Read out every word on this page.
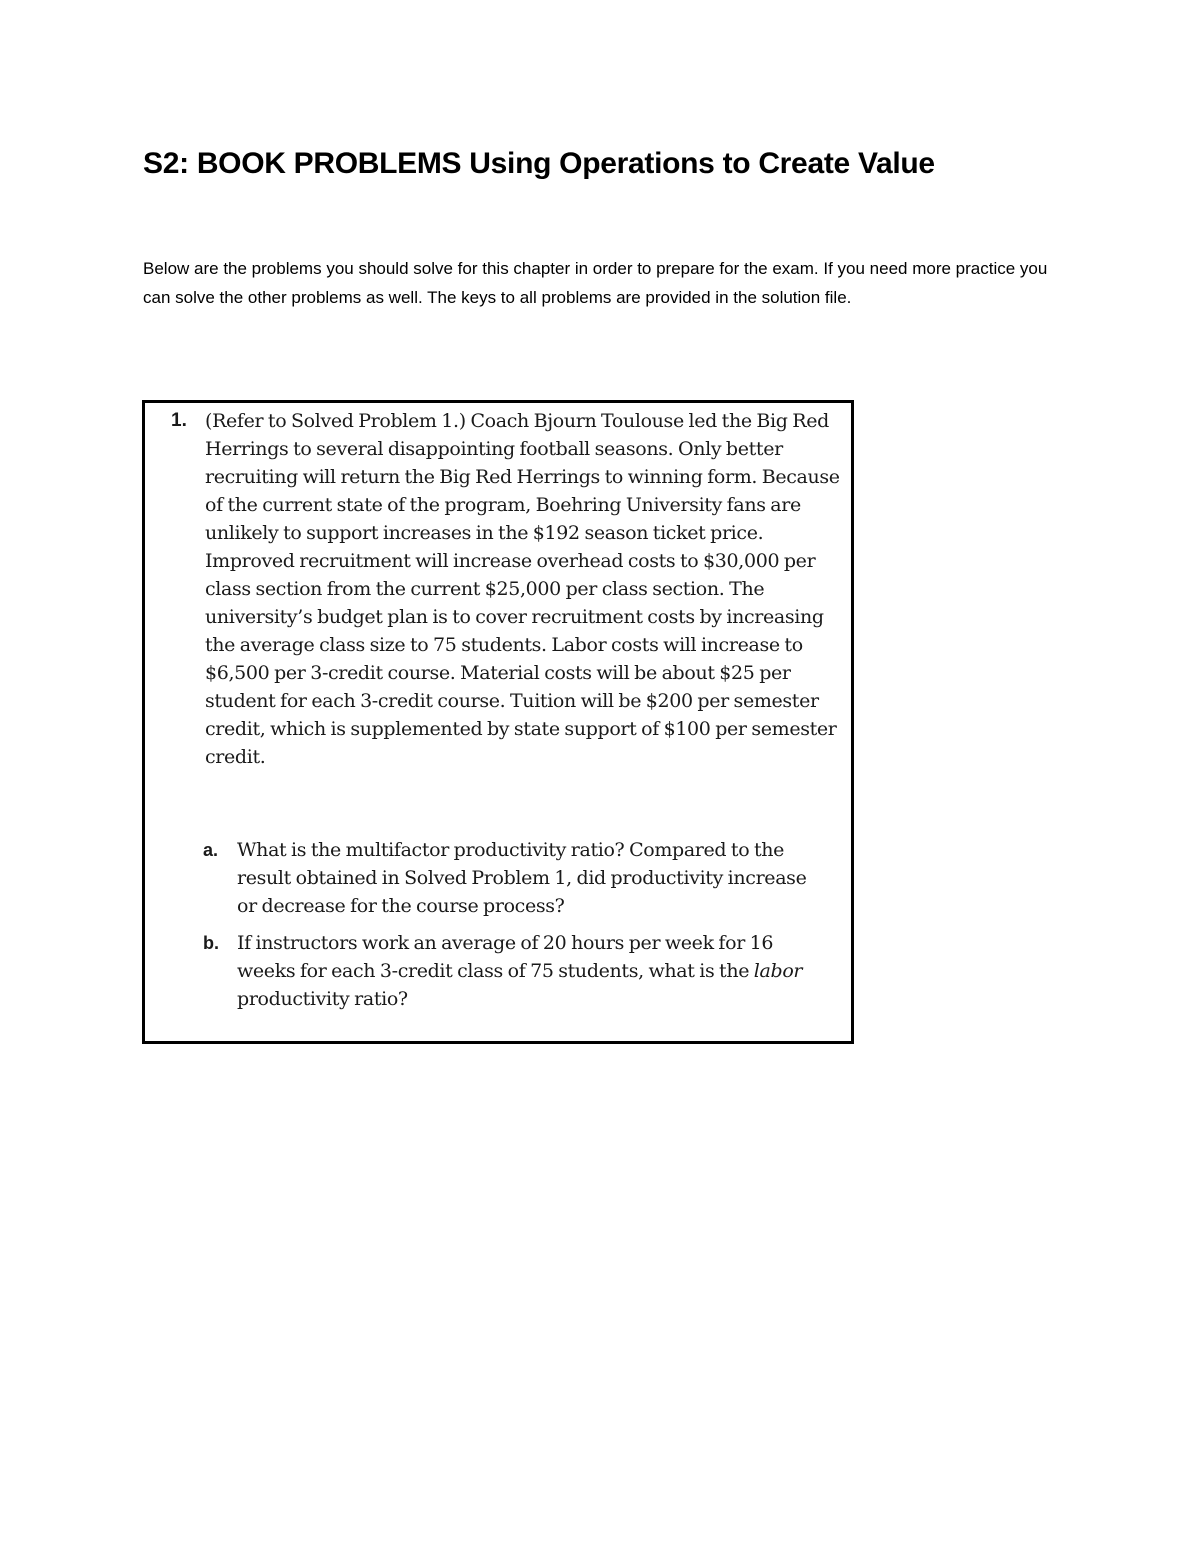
S2: BOOK PROBLEMS Using Operations to Create Value

Below are the problems you should solve for this chapter in order to prepare for the exam. If you need more practice you can solve the other problems as well. The keys to all problems are provided in the solution file.

1. (Refer to Solved Problem 1.) Coach Bjourn Toulouse led the Big Red Herrings to several disappointing football seasons. Only better recruiting will return the Big Red Herrings to winning form. Because of the current state of the program, Boehring University fans are unlikely to support increases in the $192 season ticket price. Improved recruitment will increase overhead costs to $30,000 per class section from the current $25,000 per class section. The university’s budget plan is to cover recruitment costs by increasing the average class size to 75 students. Labor costs will increase to $6,500 per 3-credit course. Material costs will be about $25 per student for each 3-credit course. Tuition will be $200 per semester credit, which is supplemented by state support of $100 per semester credit.

a. What is the multifactor productivity ratio? Compared to the result obtained in Solved Problem 1, did productivity increase or decrease for the course process?

b. If instructors work an average of 20 hours per week for 16 weeks for each 3-credit class of 75 students, what is the labor productivity ratio?
